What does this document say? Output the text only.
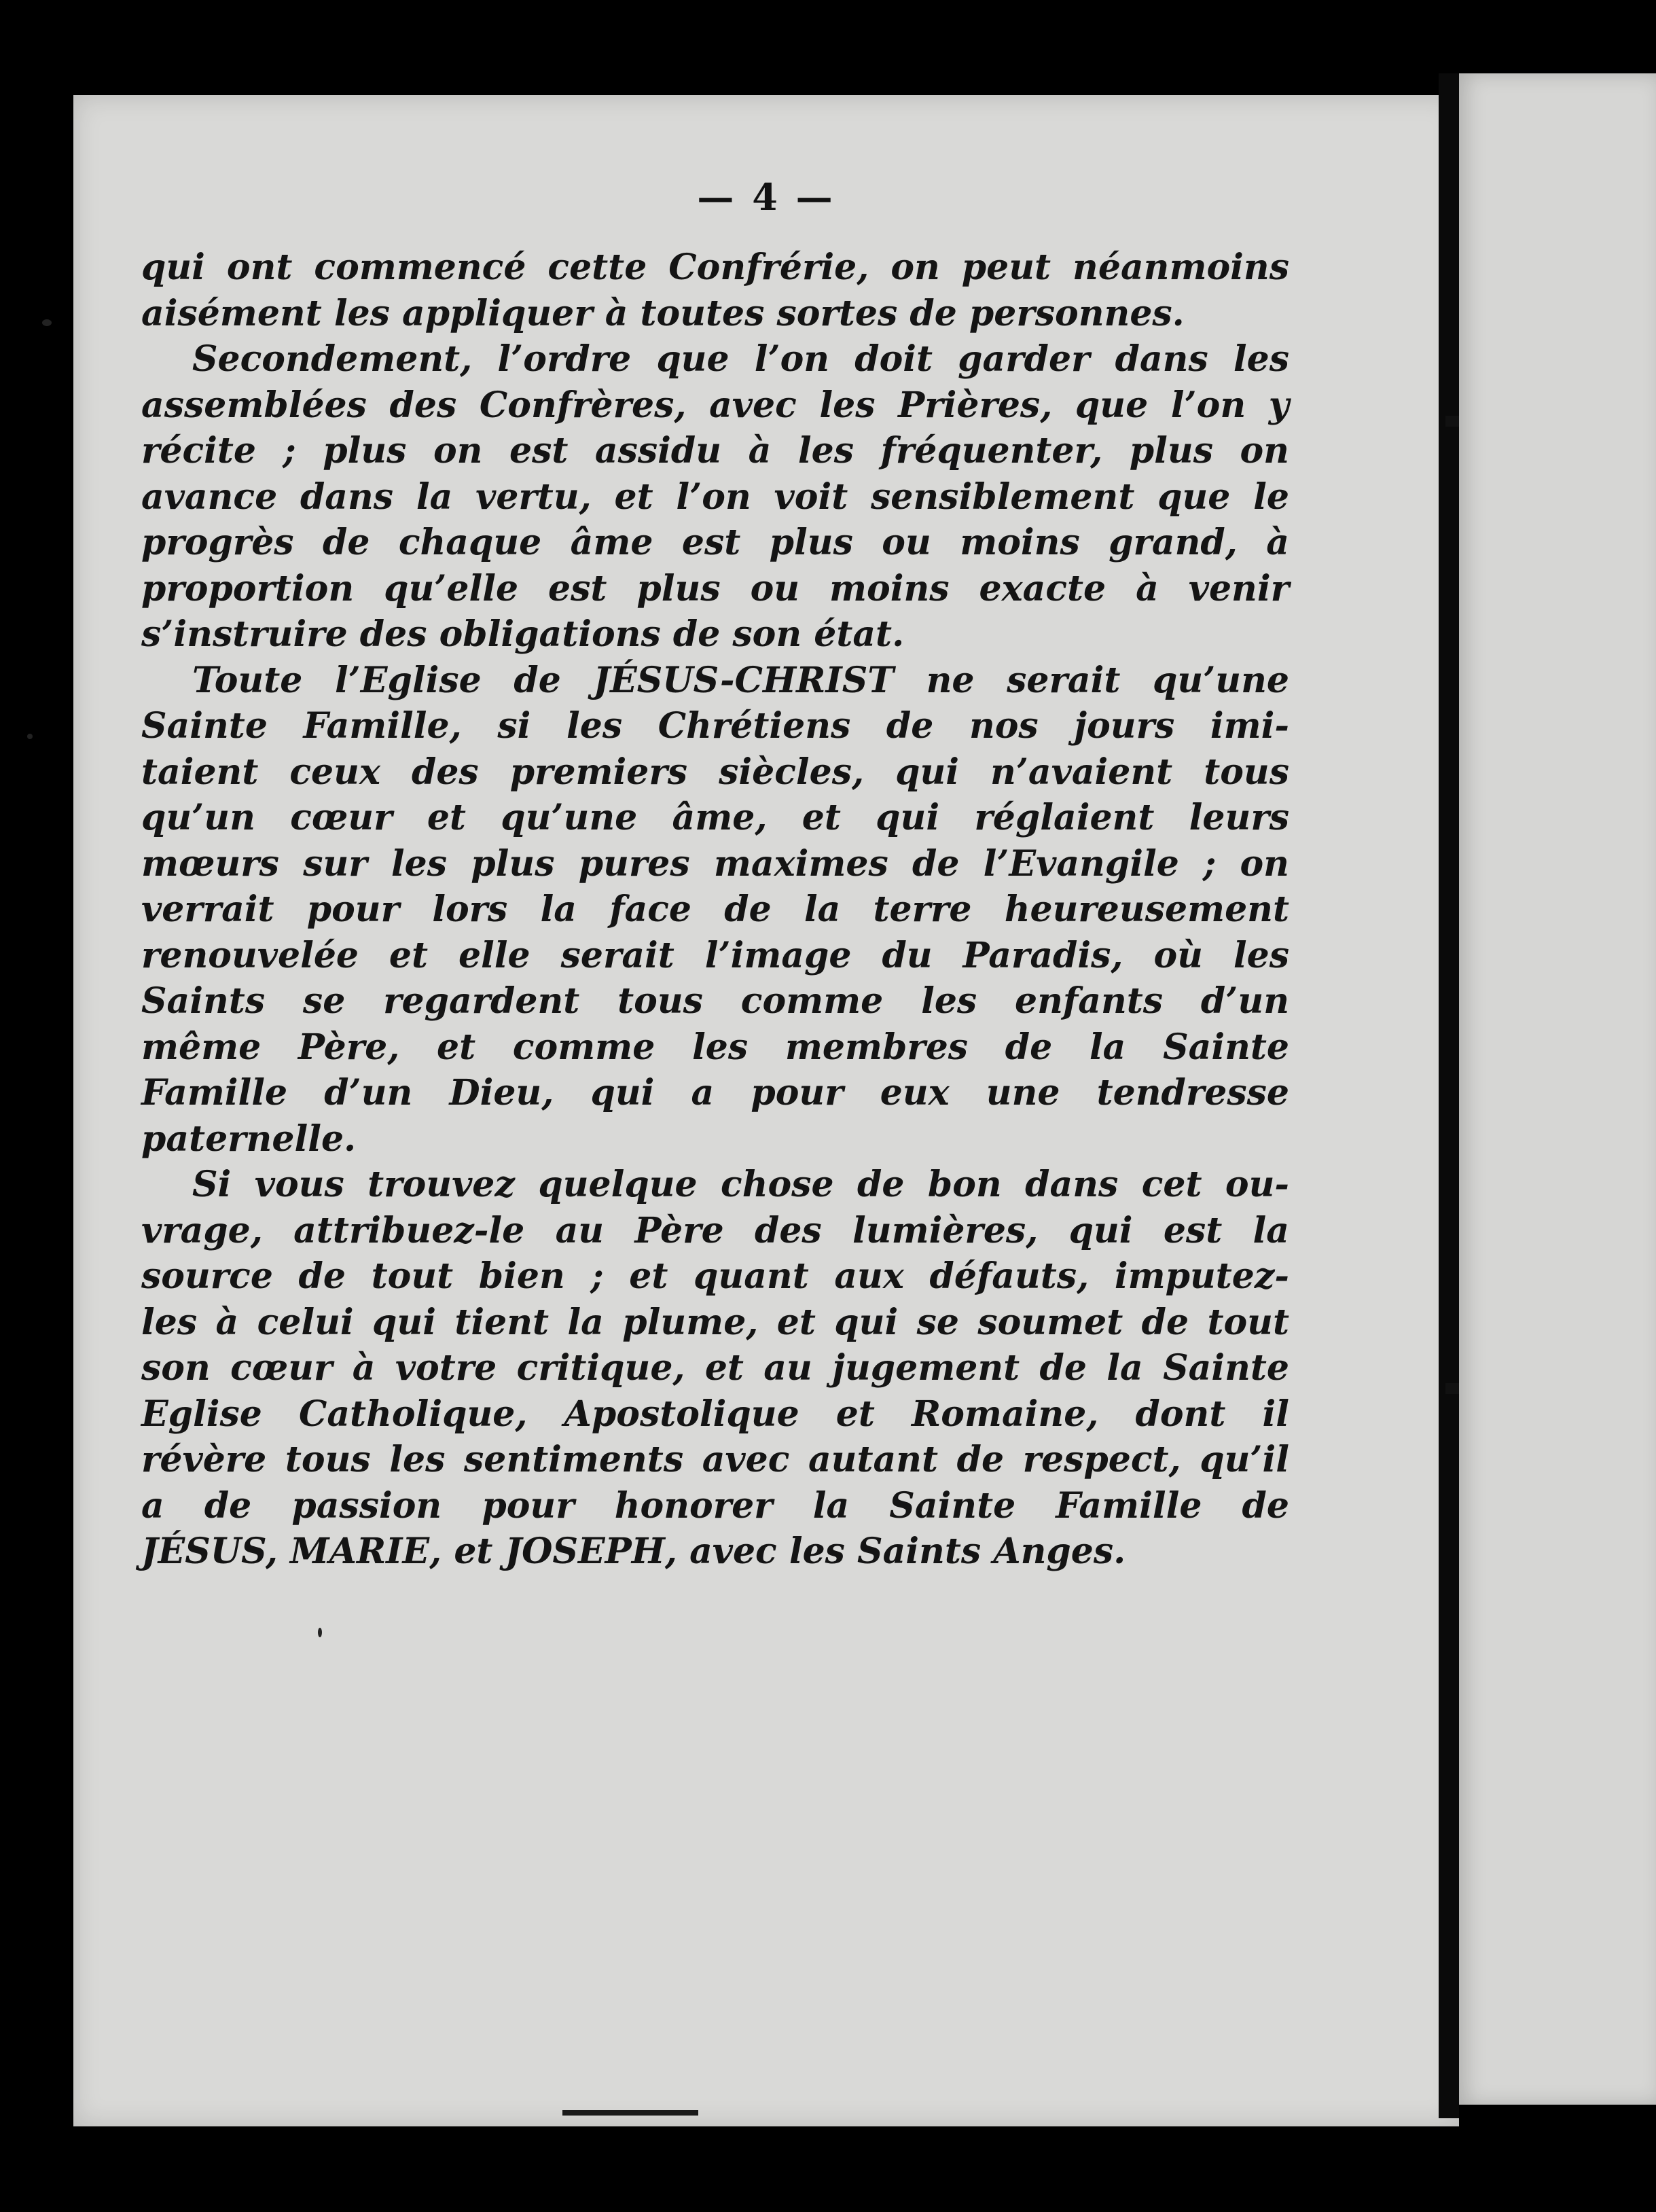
— 4 —
qui ont commencé cette Confrérie, on peut néanmoins
aisément les appliquer à toutes sortes de personnes.
Secondement, l’ordre que l’on doit garder dans les
assemblées des Confrères, avec les Prières, que l’on y
récite ; plus on est assidu à les fréquenter, plus on
avance dans la vertu, et l’on voit sensiblement que le
progrès de chaque âme est plus ou moins grand, à
proportion qu’elle est plus ou moins exacte à venir
s’instruire des obligations de son état.
Toute l’Eglise de JÉSUS-CHRIST ne serait qu’une
Sainte Famille, si les Chrétiens de nos jours imi-
taient ceux des premiers siècles, qui n’avaient tous
qu’un cœur et qu’une âme, et qui réglaient leurs
mœurs sur les plus pures maximes de l’Evangile ; on
verrait pour lors la face de la terre heureusement
renouvelée et elle serait l’image du Paradis, où les
Saints se regardent tous comme les enfants d’un
même Père, et comme les membres de la Sainte
Famille d’un Dieu, qui a pour eux une tendresse
paternelle.
Si vous trouvez quelque chose de bon dans cet ou-
vrage, attribuez-le au Père des lumières, qui est la
source de tout bien ; et quant aux défauts, imputez-
les à celui qui tient la plume, et qui se soumet de tout
son cœur à votre critique, et au jugement de la Sainte
Eglise Catholique, Apostolique et Romaine, dont il
révère tous les sentiments avec autant de respect, qu’il
a de passion pour honorer la Sainte Famille de
JÉSUS, MARIE, et JOSEPH, avec les Saints Anges.
